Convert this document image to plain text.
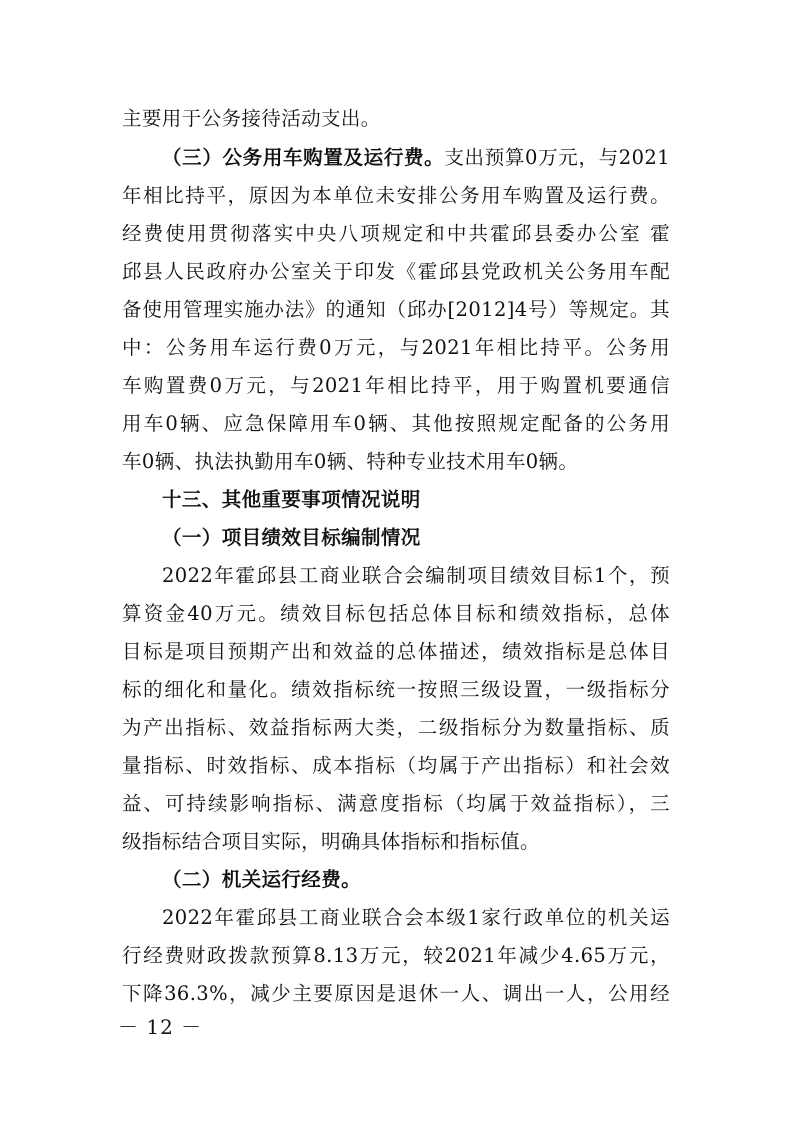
主要用于公务接待活动支出。
（三）公务用车购置及运行费。支出预算0万元，与2021
年相比持平，原因为本单位未安排公务用车购置及运行费。
经费使用贯彻落实中央八项规定和中共霍邱县委办公室 霍
邱县人民政府办公室关于印发《霍邱县党政机关公务用车配
备使用管理实施办法》的通知（邱办[2012]4号）等规定。其
中：公务用车运行费0万元，与2021年相比持平。公务用
车购置费0万元，与2021年相比持平，用于购置机要通信
用车0辆、应急保障用车0辆、其他按照规定配备的公务用
车0辆、执法执勤用车0辆、特种专业技术用车0辆。
十三、其他重要事项情况说明
（一）项目绩效目标编制情况
2022年霍邱县工商业联合会编制项目绩效目标1个，预
算资金40万元。绩效目标包括总体目标和绩效指标，总体
目标是项目预期产出和效益的总体描述，绩效指标是总体目
标的细化和量化。绩效指标统一按照三级设置，一级指标分
为产出指标、效益指标两大类，二级指标分为数量指标、质
量指标、时效指标、成本指标（均属于产出指标）和社会效
益、可持续影响指标、满意度指标（均属于效益指标），三
级指标结合项目实际，明确具体指标和指标值。
（二）机关运行经费。
2022年霍邱县工商业联合会本级1家行政单位的机关运
行经费财政拨款预算8.13万元，较2021年减少4.65万元，
下降36.3%，减少主要原因是退休一人、调出一人，公用经
－ 12 －
